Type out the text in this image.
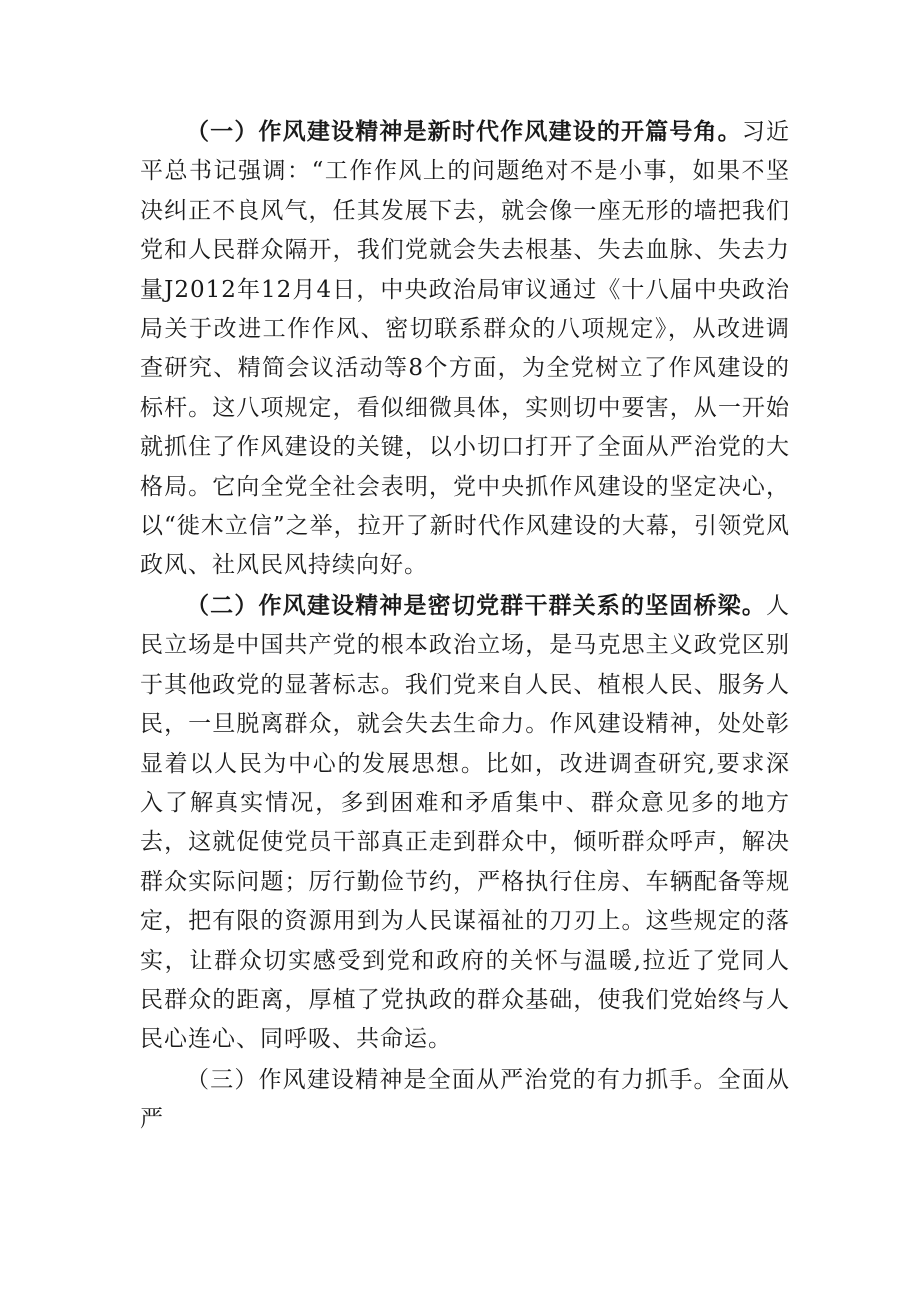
（一）作风建设精神是新时代作风建设的开篇号角。习近平总书记强调：“工作作风上的问题绝对不是小事，如果不坚决纠正不良风气，任其发展下去，就会像一座无形的墙把我们党和人民群众隔开，我们党就会失去根基、失去血脉、失去力量J2012年12月4日，中央政治局审议通过《十八届中央政治局关于改进工作作风、密切联系群众的八项规定》，从改进调查研究、精简会议活动等8个方面，为全党树立了作风建设的标杆。这八项规定，看似细微具体，实则切中要害，从一开始就抓住了作风建设的关键，以小切口打开了全面从严治党的大格局。它向全党全社会表明，党中央抓作风建设的坚定决心，以“徙木立信”之举，拉开了新时代作风建设的大幕，引领党风政风、社风民风持续向好。

（二）作风建设精神是密切党群干群关系的坚固桥梁。人民立场是中国共产党的根本政治立场，是马克思主义政党区别于其他政党的显著标志。我们党来自人民、植根人民、服务人民，一旦脱离群众，就会失去生命力。作风建设精神，处处彰显着以人民为中心的发展思想。比如，改进调查研究,要求深入了解真实情况，多到困难和矛盾集中、群众意见多的地方去，这就促使党员干部真正走到群众中，倾听群众呼声，解决群众实际问题；厉行勤俭节约，严格执行住房、车辆配备等规定，把有限的资源用到为人民谋福祉的刀刃上。这些规定的落实，让群众切实感受到党和政府的关怀与温暖,拉近了党同人民群众的距离，厚植了党执政的群众基础，使我们党始终与人民心连心、同呼吸、共命运。

（三）作风建设精神是全面从严治党的有力抓手。全面从严
